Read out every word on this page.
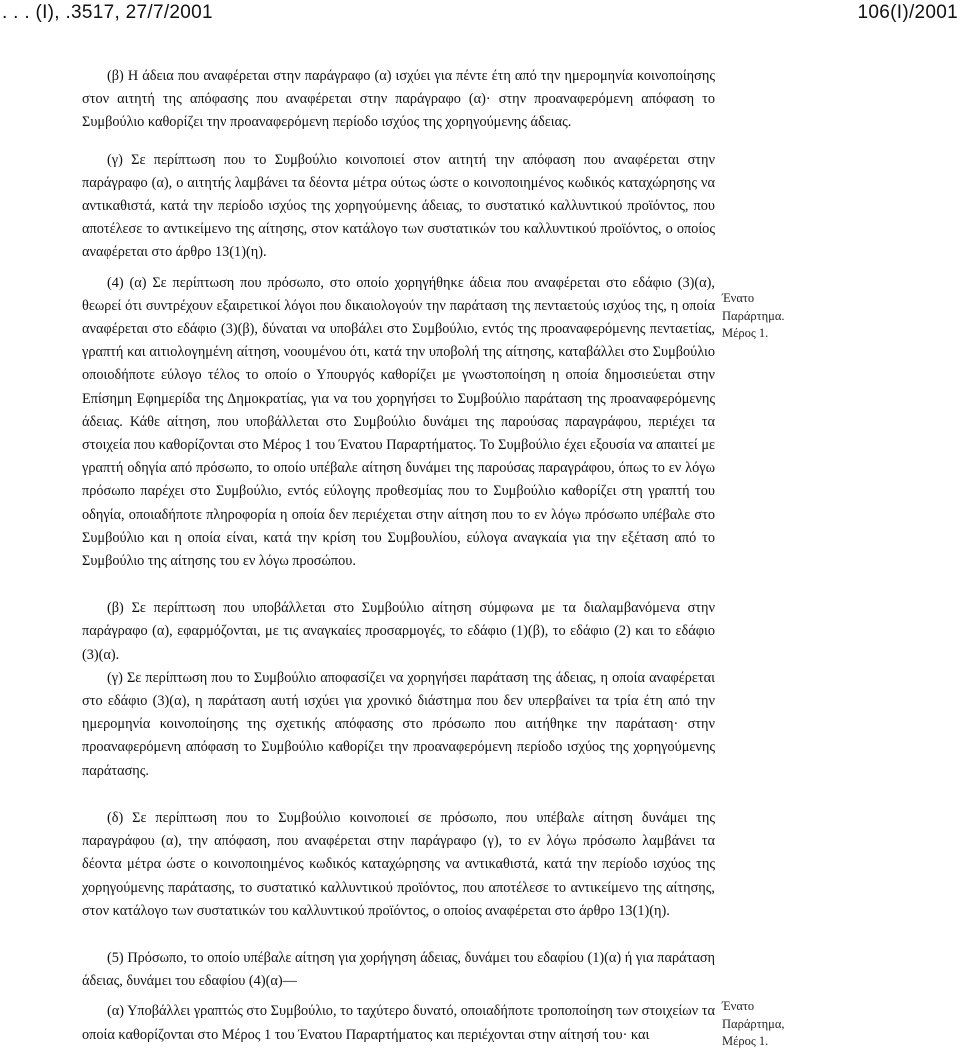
. . . (Ι), .3517, 27/7/2001	106(Ι)/2001

(β) Η άδεια που αναφέρεται στην παράγραφο (α) ισχύει για πέντε έτη από την ημερομηνία κοινοποίησης στον αιτητή της απόφασης που αναφέρεται στην παράγραφο (α)· στην προαναφερόμενη απόφαση το Συμβούλιο καθορίζει την προαναφερόμενη περίοδο ισχύος της χορηγούμενης άδειας.

(γ) Σε περίπτωση που το Συμβούλιο κοινοποιεί στον αιτητή την απόφαση που αναφέρεται στην παράγραφο (α), ο αιτητής λαμβάνει τα δέοντα μέτρα ούτως ώστε ο κοινοποιημένος κωδικός καταχώρησης να αντικαθιστά, κατά την περίοδο ισχύος της χορηγούμενης άδειας, το συστατικό καλλυντικού προϊόντος, που αποτέλεσε το αντικείμενο της αίτησης, στον κατάλογο των συστατικών του καλλυντικού προϊόντος, ο οποίος αναφέρεται στο άρθρο 13(1)(η).

(4) (α) Σε περίπτωση που πρόσωπο, στο οποίο χορηγήθηκε άδεια που αναφέρεται στο εδάφιο (3)(α), θεωρεί ότι συντρέχουν εξαιρετικοί λόγοι που δικαιολογούν την παράταση της πενταετούς ισχύος της, η οποία αναφέρεται στο εδάφιο (3)(β), δύναται να υποβάλει στο Συμβούλιο, εντός της προαναφερόμενης πενταετίας, γραπτή και αιτιολογημένη αίτηση, νοουμένου ότι, κατά την υποβολή της αίτησης, καταβάλλει στο Συμβούλιο οποιοδήποτε εύλογο τέλος το οποίο ο Υπουργός καθορίζει με γνωστοποίηση η οποία δημοσιεύεται στην Επίσημη Εφημερίδα της Δημοκρατίας, για να του χορηγήσει το Συμβούλιο παράταση της προαναφερόμενης άδειας. Κάθε αίτηση, που υποβάλλεται στο Συμβούλιο δυνάμει της παρούσας παραγράφου, περιέχει τα στοιχεία που καθορίζονται στο Μέρος 1 του Ένατου Παραρτήματος. Το Συμβούλιο έχει εξουσία να απαιτεί με γραπτή οδηγία από πρόσωπο, το οποίο υπέβαλε αίτηση δυνάμει της παρούσας παραγράφου, όπως το εν λόγω πρόσωπο παρέχει στο Συμβούλιο, εντός εύλογης προθεσμίας που το Συμβούλιο καθορίζει στη γραπτή του οδηγία, οποιαδήποτε πληροφορία η οποία δεν περιέχεται στην αίτηση που το εν λόγω πρόσωπο υπέβαλε στο Συμβούλιο και η οποία είναι, κατά την κρίση του Συμβουλίου, εύλογα αναγκαία για την εξέταση από το Συμβούλιο της αίτησης του εν λόγω προσώπου.

(β) Σε περίπτωση που υποβάλλεται στο Συμβούλιο αίτηση σύμφωνα με τα διαλαμβανόμενα στην παράγραφο (α), εφαρμόζονται, με τις αναγκαίες προσαρμογές, το εδάφιο (1)(β), το εδάφιο (2) και το εδάφιο (3)(α).

(γ) Σε περίπτωση που το Συμβούλιο αποφασίζει να χορηγήσει παράταση της άδειας, η οποία αναφέρεται στο εδάφιο (3)(α), η παράταση αυτή ισχύει για χρονικό διάστημα που δεν υπερβαίνει τα τρία έτη από την ημερομηνία κοινοποίησης της σχετικής απόφασης στο πρόσωπο που αιτήθηκε την παράταση· στην προαναφερόμενη απόφαση το Συμβούλιο καθορίζει την προαναφερόμενη περίοδο ισχύος της χορηγούμενης παράτασης.

(δ) Σε περίπτωση που το Συμβούλιο κοινοποιεί σε πρόσωπο, που υπέβαλε αίτηση δυνάμει της παραγράφου (α), την απόφαση, που αναφέρεται στην παράγραφο (γ), το εν λόγω πρόσωπο λαμβάνει τα δέοντα μέτρα ώστε ο κοινοποιημένος κωδικός καταχώρησης να αντικαθιστά, κατά την περίοδο ισχύος της χορηγούμενης παράτασης, το συστατικό καλλυντικού προϊόντος, που αποτέλεσε το αντικείμενο της αίτησης, στον κατάλογο των συστατικών του καλλυντικού προϊόντος, ο οποίος αναφέρεται στο άρθρο 13(1)(η).

(5) Πρόσωπο, το οποίο υπέβαλε αίτηση για χορήγηση άδειας, δυνάμει του εδαφίου (1)(α) ή για παράταση άδειας, δυνάμει του εδαφίου (4)(α)—

(α) Υποβάλλει γραπτώς στο Συμβούλιο, το ταχύτερο δυνατό, οποιαδήποτε τροποποίηση των στοιχείων τα οποία καθορίζονται στο Μέρος 1 του Ένατου Παραρτήματος και περιέχονται στην αίτησή του· και

Ένατο
Παράρτημα.
Μέρος 1.
Ένατο
Παράρτημα,
Μέρος 1.
